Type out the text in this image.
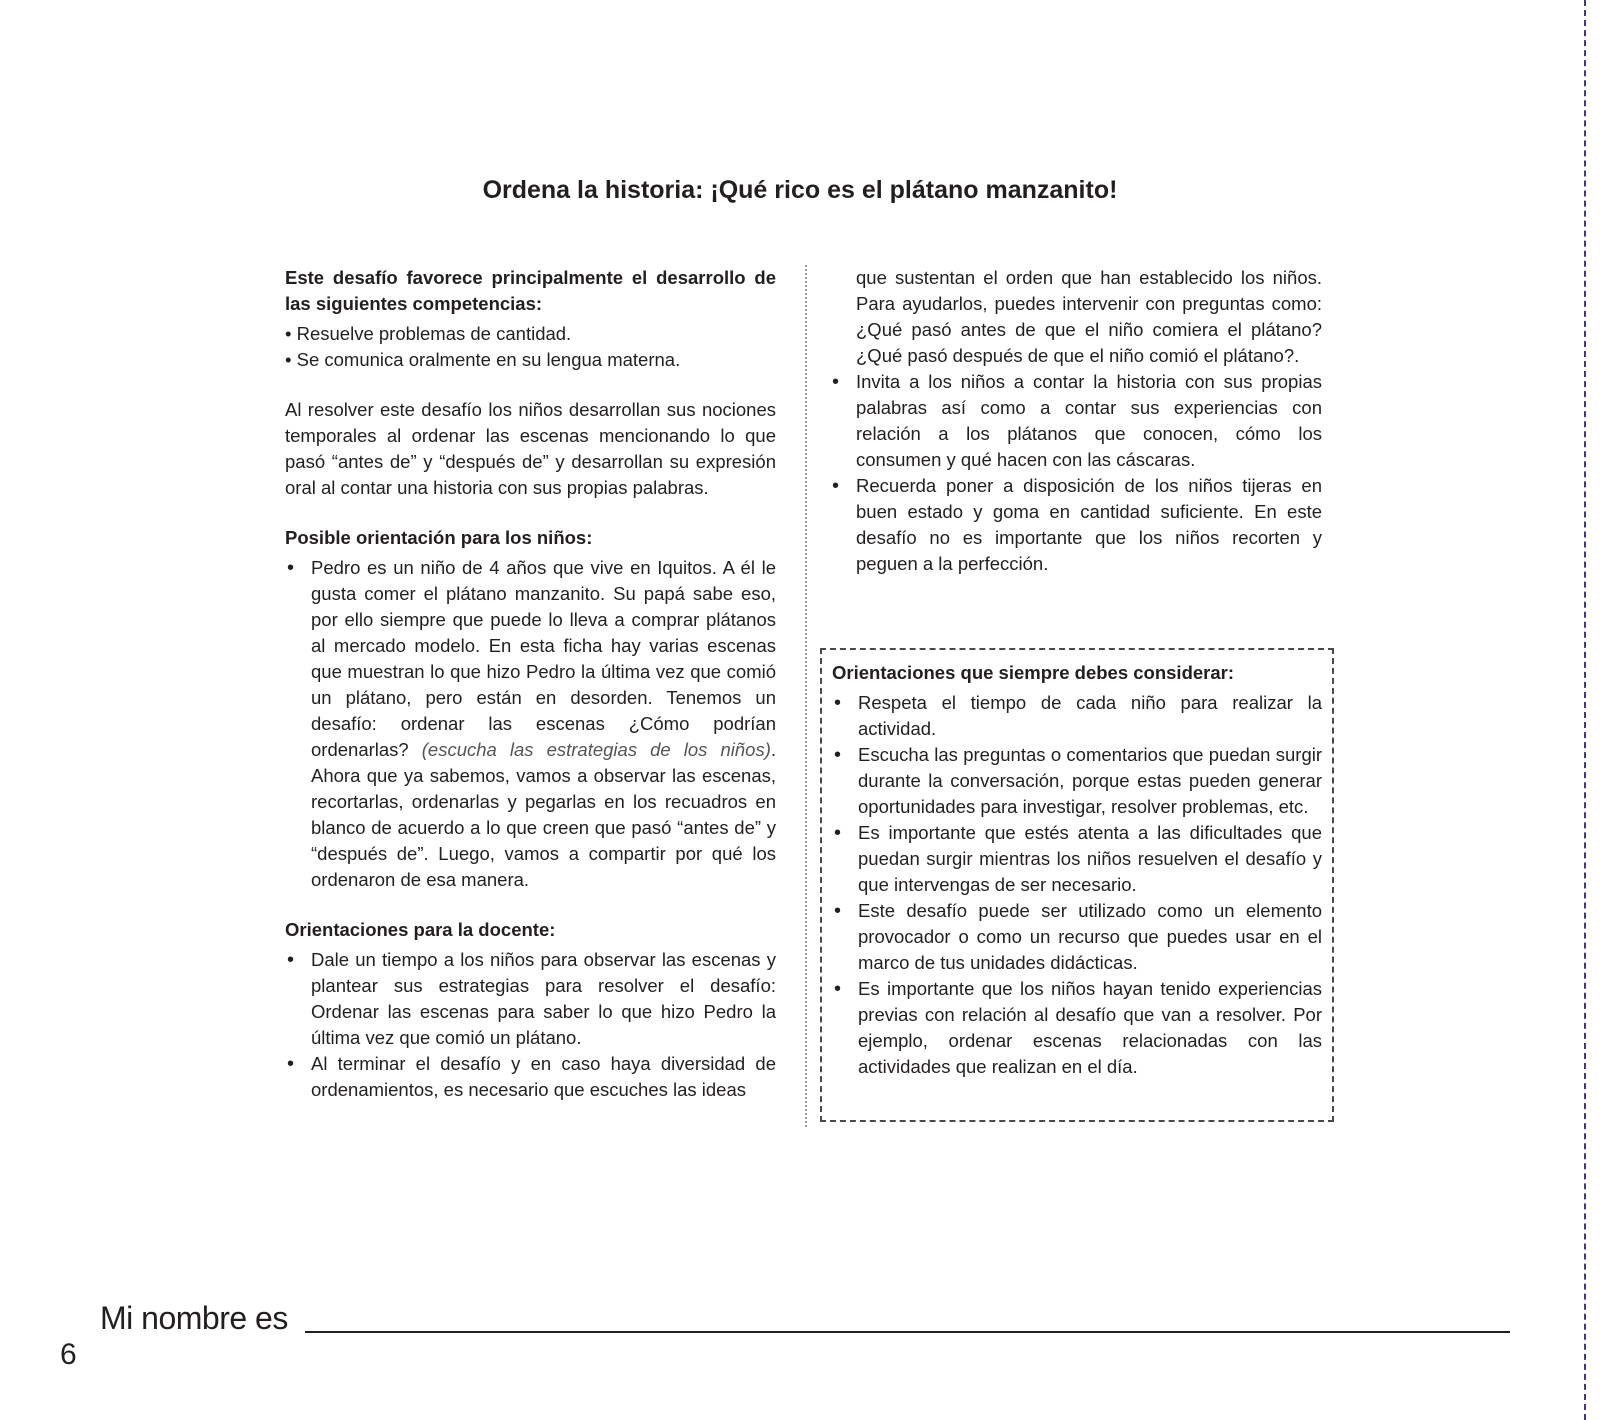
Ordena la historia: ¡Qué rico es el plátano manzanito!

Este desafío favorece principalmente el desarrollo de las siguientes competencias:

• Resuelve problemas de cantidad.
• Se comunica oralmente en su lengua materna.

Al resolver este desafío los niños desarrollan sus nociones temporales al ordenar las escenas mencionando lo que pasó “antes de” y “después de” y desarrollan su expresión oral al contar una historia con sus propias palabras.

Posible orientación para los niños:

• Pedro es un niño de 4 años que vive en Iquitos. A él le gusta comer el plátano manzanito. Su papá sabe eso, por ello siempre que puede lo lleva a comprar plátanos al mercado modelo. En esta ficha hay varias escenas que muestran lo que hizo Pedro la última vez que comió un plátano, pero están en desorden. Tenemos un desafío: ordenar las escenas ¿Cómo podrían ordenarlas? (escucha las estrategias de los niños). Ahora que ya sabemos, vamos a observar las escenas, recortarlas, ordenarlas y pegarlas en los recuadros en blanco de acuerdo a lo que creen que pasó “antes de” y “después de”. Luego, vamos a compartir por qué los ordenaron de esa manera.

Orientaciones para la docente:

• Dale un tiempo a los niños para observar las escenas y plantear sus estrategias para resolver el desafío: Ordenar las escenas para saber lo que hizo Pedro la última vez que comió un plátano.
• Al terminar el desafío y en caso haya diversidad de ordenamientos, es necesario que escuches las ideas

que sustentan el orden que han establecido los niños. Para ayudarlos, puedes intervenir con preguntas como: ¿Qué pasó antes de que el niño comiera el plátano? ¿Qué pasó después de que el niño comió el plátano?.

• Invita a los niños a contar la historia con sus propias palabras así como a contar sus experiencias con relación a los plátanos que conocen, cómo los consumen y qué hacen con las cáscaras.
• Recuerda poner a disposición de los niños tijeras en buen estado y goma en cantidad suficiente. En este desafío no es importante que los niños recorten y peguen a la perfección.

Orientaciones que siempre debes considerar:

• Respeta el tiempo de cada niño para realizar la actividad.
• Escucha las preguntas o comentarios que puedan surgir durante la conversación, porque estas pueden generar oportunidades para investigar, resolver problemas, etc.
• Es importante que estés atenta a las dificultades que puedan surgir mientras los niños resuelven el desafío y que intervengas de ser necesario.
• Este desafío puede ser utilizado como un elemento provocador o como un recurso que puedes usar en el marco de tus unidades didácticas.
• Es importante que los niños hayan tenido experiencias previas con relación al desafío que van a resolver. Por ejemplo, ordenar escenas relacionadas con las actividades que realizan en el día.

Mi nombre es

6
